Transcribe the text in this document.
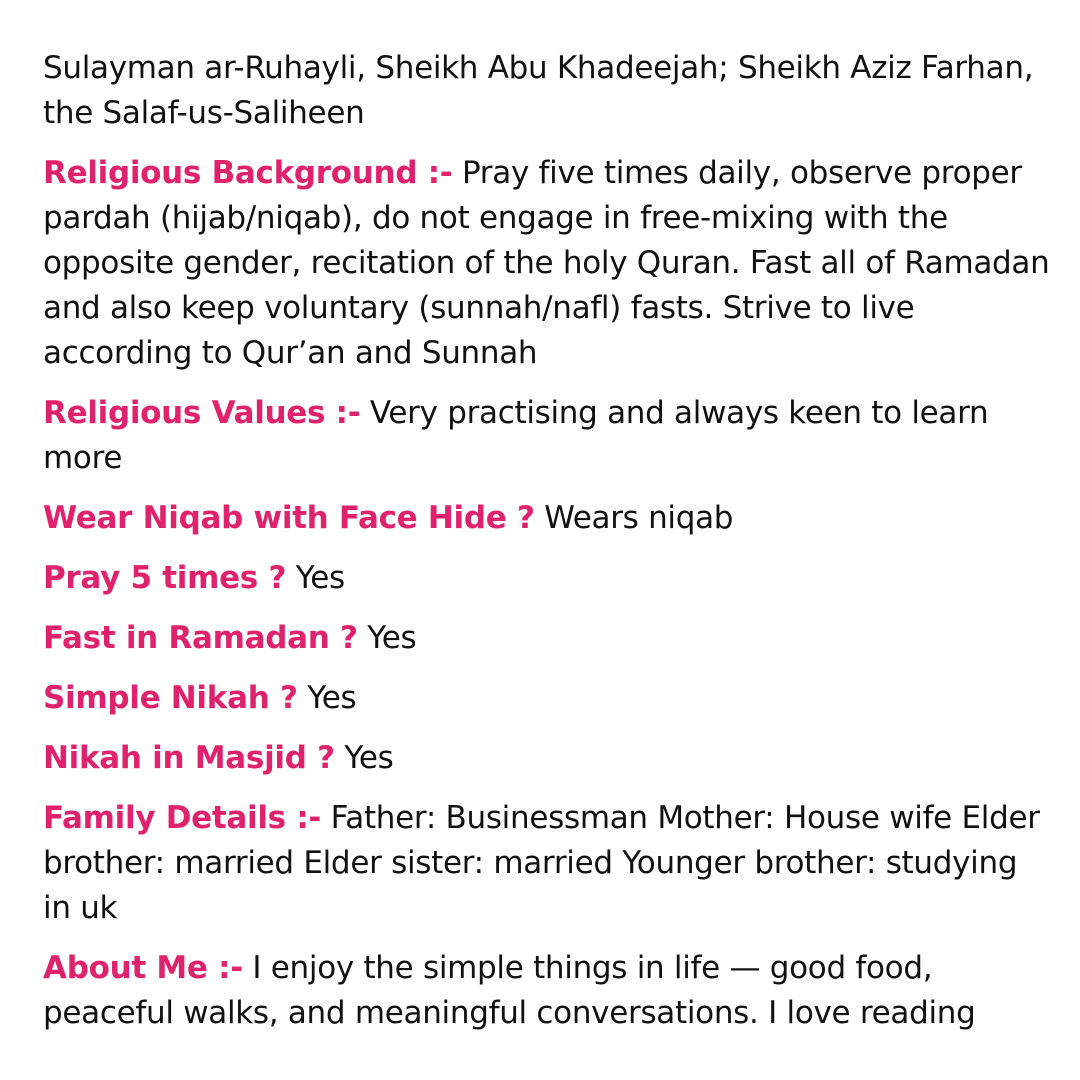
Sulayman ar-Ruhayli, Sheikh Abu Khadeejah; Sheikh Aziz Farhan, the Salaf-us-Saliheen

Religious Background :- Pray five times daily, observe proper pardah (hijab/niqab), do not engage in free-mixing with the opposite gender, recitation of the holy Quran. Fast all of Ramadan and also keep voluntary (sunnah/nafl) fasts. Strive to live according to Qur’an and Sunnah

Religious Values :- Very practising and always keen to learn more

Wear Niqab with Face Hide ? Wears niqab

Pray 5 times ? Yes

Fast in Ramadan ? Yes

Simple Nikah ? Yes

Nikah in Masjid ? Yes

Family Details :- Father: Businessman Mother: House wife Elder brother: married Elder sister: married Younger brother: studying in uk

About Me :- I enjoy the simple things in life — good food, peaceful walks, and meaningful conversations. I love reading
